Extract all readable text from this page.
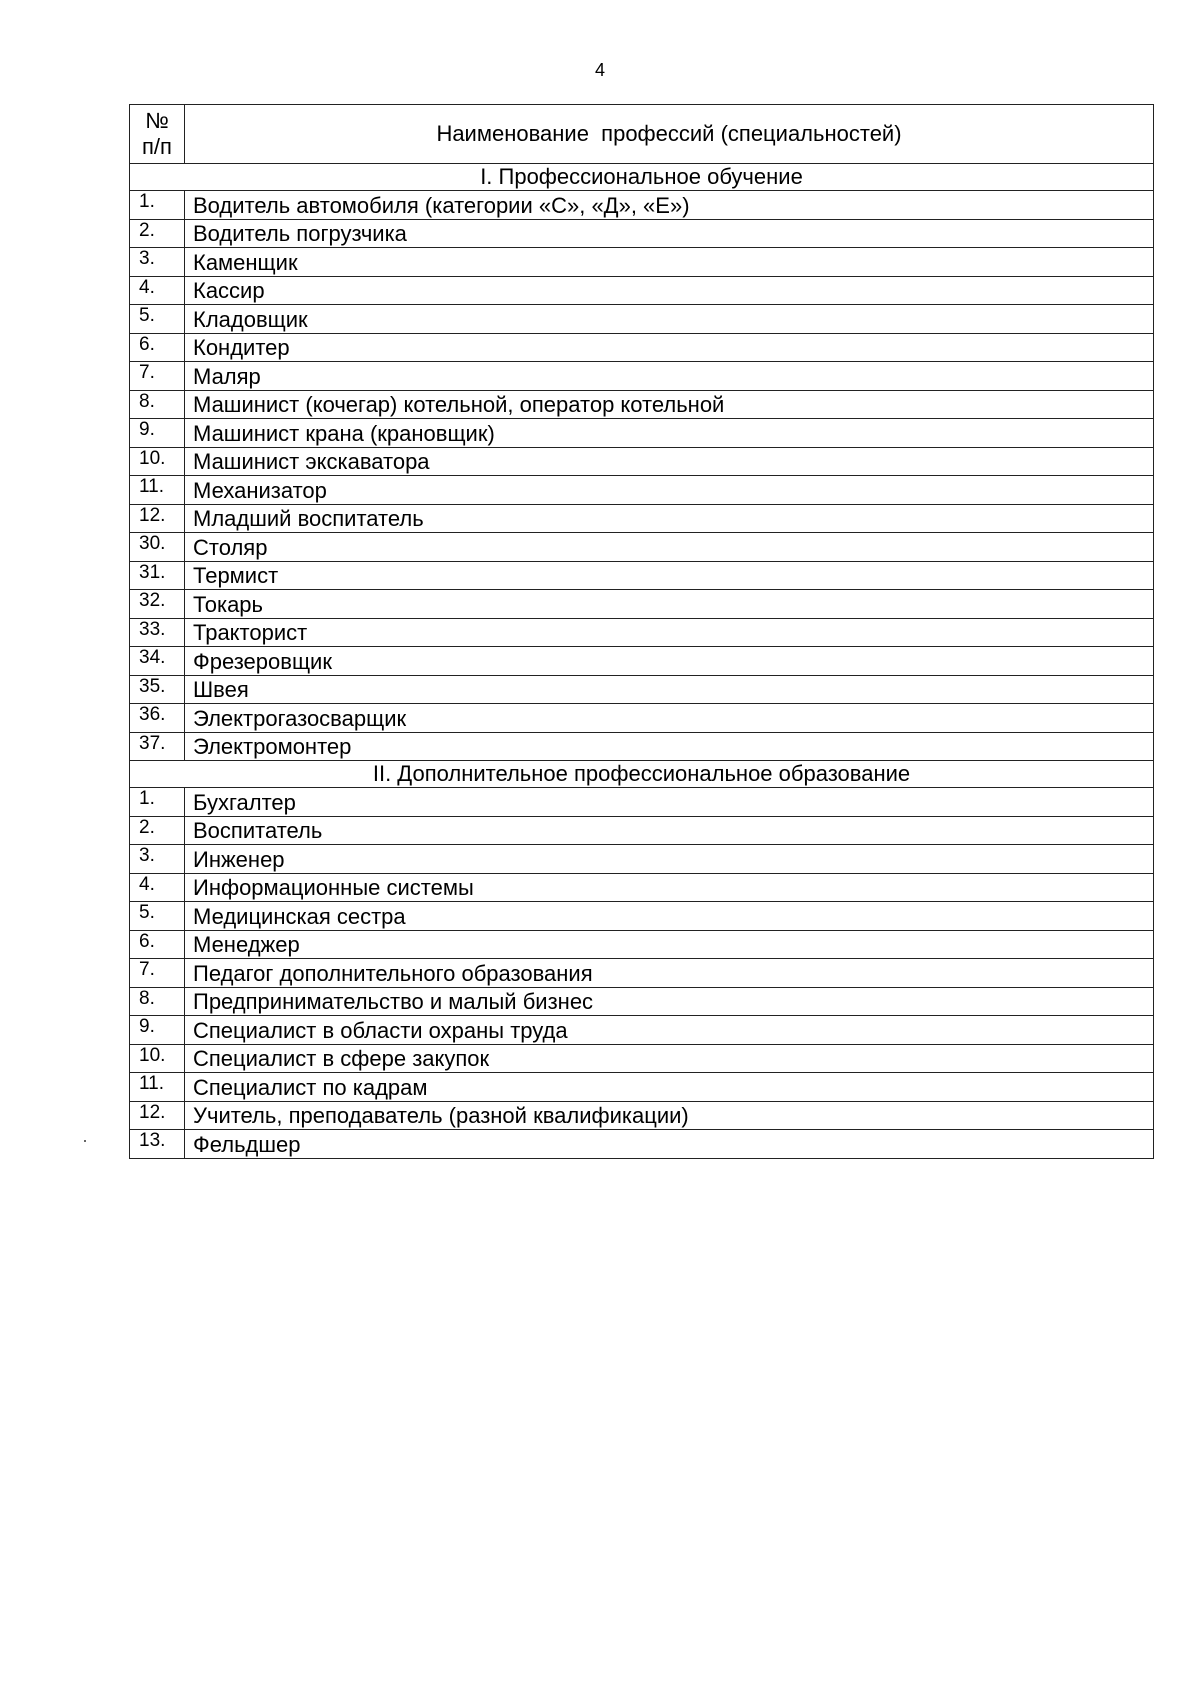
4
№ п/п	Наименование  профессий (специальностей)
I. Профессиональное обучение	
1.	Водитель автомобиля (категории «С», «Д», «Е»)
2.	Водитель погрузчика
3.	Каменщик
4.	Кассир
5.	Кладовщик
6.	Кондитер
7.	Маляр
8.	Машинист (кочегар) котельной, оператор котельной
9.	Машинист крана (крановщик)
10.	Машинист экскаватора
11.	Механизатор
12.	Младший воспитатель
30.	Столяр
31.	Термист
32.	Токарь
33.	Тракторист
34.	Фрезеровщик
35.	Швея
36.	Электрогазосварщик
37.	Электромонтер
II. Дополнительное профессиональное образование	
1.	Бухгалтер
2.	Воспитатель
3.	Инженер
4.	Информационные системы
5.	Медицинская сестра
6.	Менеджер
7.	Педагог дополнительного образования
8.	Предпринимательство и малый бизнес
9.	Специалист в области охраны труда
10.	Специалист в сфере закупок
11.	Специалист по кадрам
12.	Учитель, преподаватель (разной квалификации)
13.	Фельдшер
